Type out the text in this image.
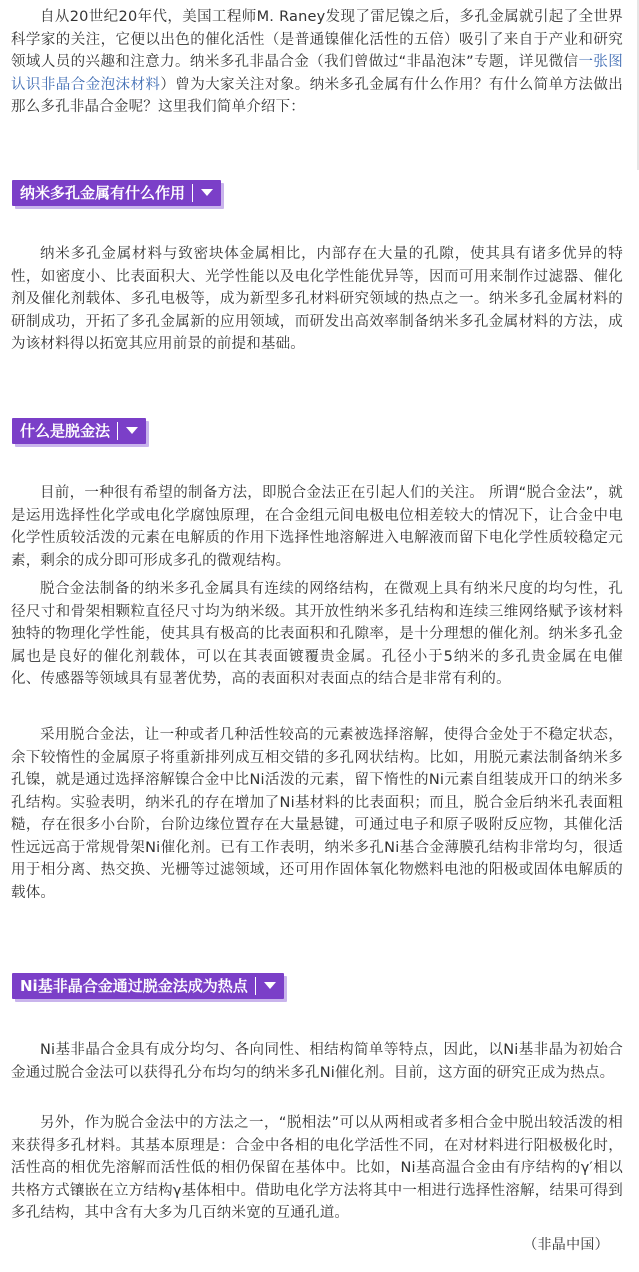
自从20世纪20年代，美国工程师M. Raney发现了雷尼镍之后，多孔金属就引起了全世界科学家的关注，它便以出色的催化活性（是普通镍催化活性的五倍）吸引了来自于产业和研究领域人员的兴趣和注意力。纳米多孔非晶合金（我们曾做过“非晶泡沫”专题，详见微信一张图认识非晶合金泡沫材料）曾为大家关注对象。纳米多孔金属有什么作用？有什么简单方法做出那么多孔非晶合金呢？这里我们简单介绍下：

纳米多孔金属有什么作用

纳米多孔金属材料与致密块体金属相比，内部存在大量的孔隙，使其具有诸多优异的特性，如密度小、比表面积大、光学性能以及电化学性能优异等，因而可用来制作过滤器、催化剂及催化剂载体、多孔电极等，成为新型多孔材料研究领域的热点之一。纳米多孔金属材料的研制成功，开拓了多孔金属新的应用领域，而研发出高效率制备纳米多孔金属材料的方法，成为该材料得以拓宽其应用前景的前提和基础。

什么是脱金法

目前，一种很有希望的制备方法，即脱合金法正在引起人们的关注。 所谓“脱合金法”，就是运用选择性化学或电化学腐蚀原理，在合金组元间电极电位相差较大的情况下，让合金中电化学性质较活泼的元素在电解质的作用下选择性地溶解进入电解液而留下电化学性质较稳定元素，剩余的成分即可形成多孔的微观结构。

脱合金法制备的纳米多孔金属具有连续的网络结构，在微观上具有纳米尺度的均匀性，孔径尺寸和骨架相颗粒直径尺寸均为纳米级。其开放性纳米多孔结构和连续三维网络赋予该材料独特的物理化学性能，使其具有极高的比表面积和孔隙率，是十分理想的催化剂。纳米多孔金属也是良好的催化剂载体，可以在其表面镀覆贵金属。孔径小于5纳米的多孔贵金属在电催化、传感器等领域具有显著优势，高的表面积对表面点的结合是非常有利的。

采用脱合金法，让一种或者几种活性较高的元素被选择溶解，使得合金处于不稳定状态，余下较惰性的金属原子将重新排列成互相交错的多孔网状结构。比如，用脱元素法制备纳米多孔镍，就是通过选择溶解镍合金中比Ni活泼的元素，留下惰性的Ni元素自组装成开口的纳米多孔结构。实验表明，纳米孔的存在增加了Ni基材料的比表面积；而且，脱合金后纳米孔表面粗糙，存在很多小台阶，台阶边缘位置存在大量悬键，可通过电子和原子吸附反应物，其催化活性远远高于常规骨架Ni催化剂。已有工作表明，纳米多孔Ni基合金薄膜孔结构非常均匀，很适用于相分离、热交换、光栅等过滤领域，还可用作固体氧化物燃料电池的阳极或固体电解质的载体。

Ni基非晶合金通过脱金法成为热点

Ni基非晶合金具有成分均匀、各向同性、相结构简单等特点，因此，以Ni基非晶为初始合金通过脱合金法可以获得孔分布均匀的纳米多孔Ni催化剂。目前，这方面的研究正成为热点。

另外，作为脱合金法中的方法之一，“脱相法”可以从两相或者多相合金中脱出较活泼的相来获得多孔材料。其基本原理是：合金中各相的电化学活性不同，在对材料进行阳极极化时，活性高的相优先溶解而活性低的相仍保留在基体中。比如，Ni基高温合金由有序结构的γ′相以共格方式镶嵌在立方结构γ基体相中。借助电化学方法将其中一相进行选择性溶解，结果可得到多孔结构，其中含有大多为几百纳米宽的互通孔道。

（非晶中国）
